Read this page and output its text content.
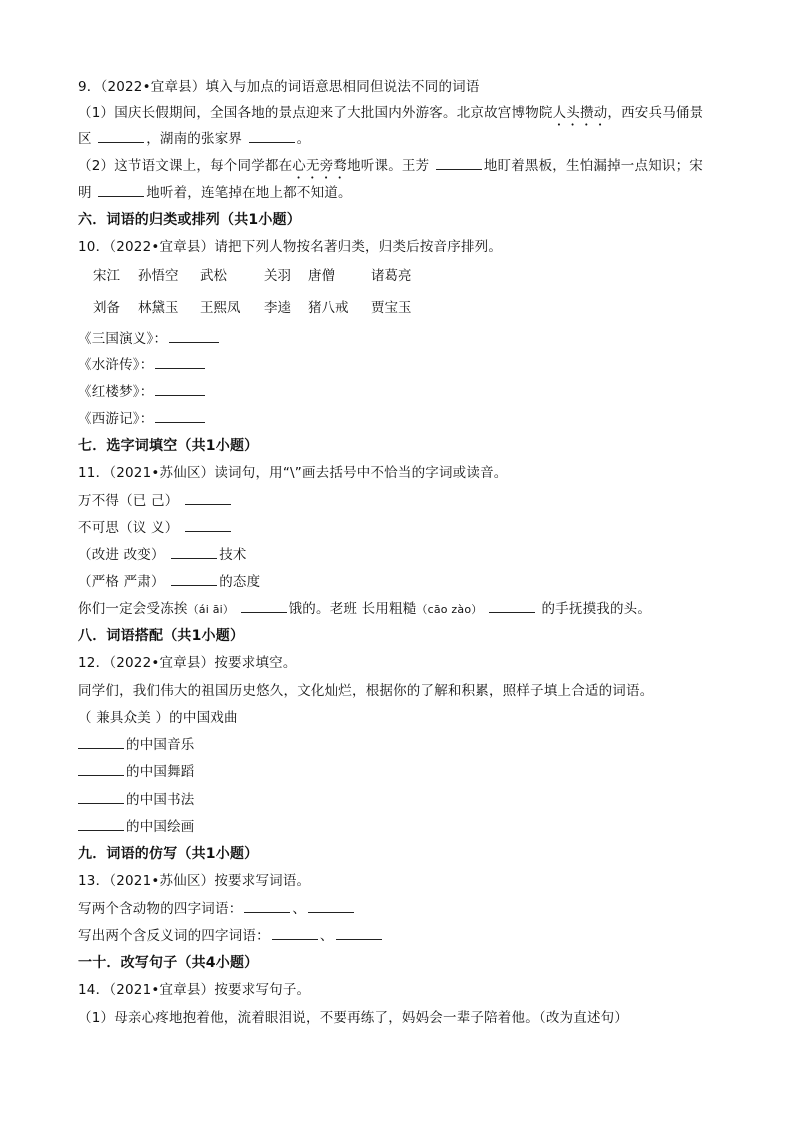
9．（2022•宜章县）填入与加点的词语意思相同但说法不同的词语
（1）国庆长假期间，全国各地的景点迎来了大批国内外游客。北京故宫博物院人头攒动，西安兵马俑景
区	，湖南的张家界	。
（2）这节语文课上，每个同学都在心无旁骛地听课。王芳	地盯着黑板，生怕漏掉一点知识；宋
明	地听着，连笔掉在地上都不知道。
六．词语的归类或排列（共1小题）
10．（2022•宜章县）请把下列人物按名著归类，归类后按音序排列。
宋江 孙悟空 武松	关羽 唐僧	诸葛亮
刘备 林黛玉 王熙凤 李逵 猪八戒 贾宝玉
《三国演义》：
《水浒传》：
《红楼梦》：
《西游记》：
七．选字词填空（共1小题）
11．（2021•苏仙区）读词句，用“\”画去括号中不恰当的字词或读音。
万不得（已 己）
不可思（议 义）
（改进 改变）	技术
（严格 严肃）	的态度
你们一定会受冻挨（ái āi）	饿的。老班 长用粗糙（cāo zào）	的手抚摸我的头。
八．词语搭配（共1小题）
12．（2022•宜章县）按要求填空。
同学们，我们伟大的祖国历史悠久，文化灿烂，根据你的了解和积累，照样子填上合适的词语。
（ 兼具众美 ）的中国戏曲
的中国音乐
的中国舞蹈
的中国书法
的中国绘画
九．词语的仿写（共1小题）
13．（2021•苏仙区）按要求写词语。
写两个含动物的四字词语：	、
写出两个含反义词的四字词语：	、
一十．改写句子（共4小题）
14．（2021•宜章县）按要求写句子。
（1）母亲心疼地抱着他，流着眼泪说，不要再练了，妈妈会一辈子陪着他。（改为直述句）
